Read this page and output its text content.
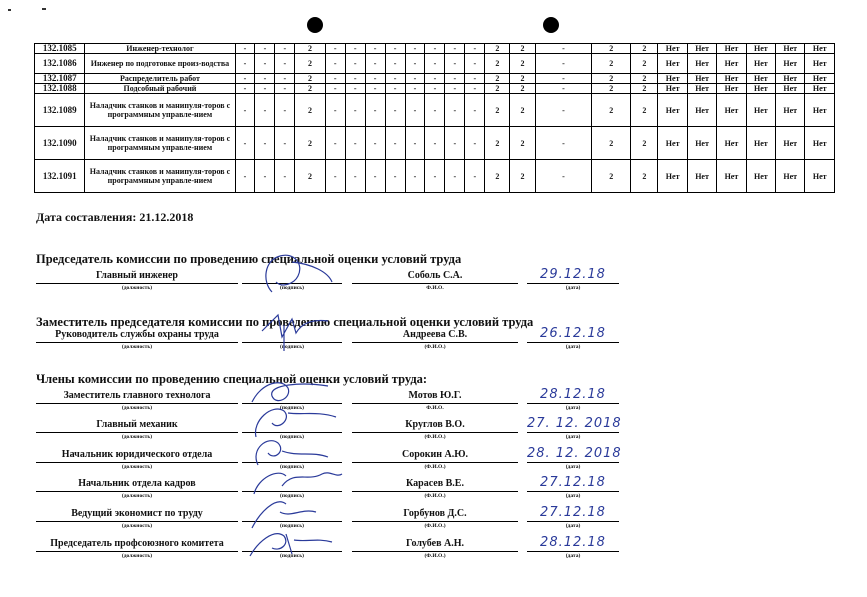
132.1085	Инженер-технолог	-	-	-	2	-	-	-	-	-	-	-	-	2	2	-	2	2	Нет	Нет	Нет	Нет	Нет	Нет
132.1086	Инженер по подготовке произ-водства	-	-	-	2	-	-	-	-	-	-	-	-	2	2	-	2	2	Нет	Нет	Нет	Нет	Нет	Нет
132.1087	Распределитель работ	-	-	-	2	-	-	-	-	-	-	-	-	2	2	-	2	2	Нет	Нет	Нет	Нет	Нет	Нет
132.1088	Подсобный рабочий	-	-	-	2	-	-	-	-	-	-	-	-	2	2	-	2	2	Нет	Нет	Нет	Нет	Нет	Нет
132.1089	Наладчик станков и манипуля-торов с программным управле-нием	-	-	-	2	-	-	-	-	-	-	-	-	2	2	-	2	2	Нет	Нет	Нет	Нет	Нет	Нет
132.1090	Наладчик станков и манипуля-торов с программным управле-нием	-	-	-	2	-	-	-	-	-	-	-	-	2	2	-	2	2	Нет	Нет	Нет	Нет	Нет	Нет
132.1091	Наладчик станков и манипуля-торов с программным управле-нием	-	-	-	2	-	-	-	-	-	-	-	-	2	2	-	2	2	Нет	Нет	Нет	Нет	Нет	Нет
Дата составления: 21.12.2018
Председатель комиссии по проведению специальной оценки условий труда
Главный инженер	Соболь С.А.	29.12.18
(должность)	(подпись)	Ф.И.О.	(дата)
Заместитель председателя комиссии по проведению специальной оценки условий труда
Руководитель службы охраны труда	Андреева С.В.	26.12.18
(должность)	(подпись)	(Ф.И.О.)	(дата)
Члены комиссии по проведению специальной оценки условий труда:
Заместитель главного технолога	Мотов Ю.Г.	28.12.18
(должность)	(подпись)	Ф.И.О.	(дата)
Главный механик	Круглов В.О.	27. 12. 2018
(должность)	(подпись)	(Ф.И.О.)	(дата)
Начальник юридического отдела	Сорокин А.Ю.	28. 12. 2018
(должность)	(подпись)	(Ф.И.О.)	(дата)
Начальник отдела кадров	Карасев В.Е.	27.12.18
(должность)	(подпись)	(Ф.И.О.)	(дата)
Ведущий экономист по труду	Горбунов Д.С.	27.12.18
(должность)	(подпись)	(Ф.И.О.)	(дата)
Председатель профсоюзного комитета	Голубев А.Н.	28.12.18
(должность)	(подпись)	(Ф.И.О.)	(дата)
